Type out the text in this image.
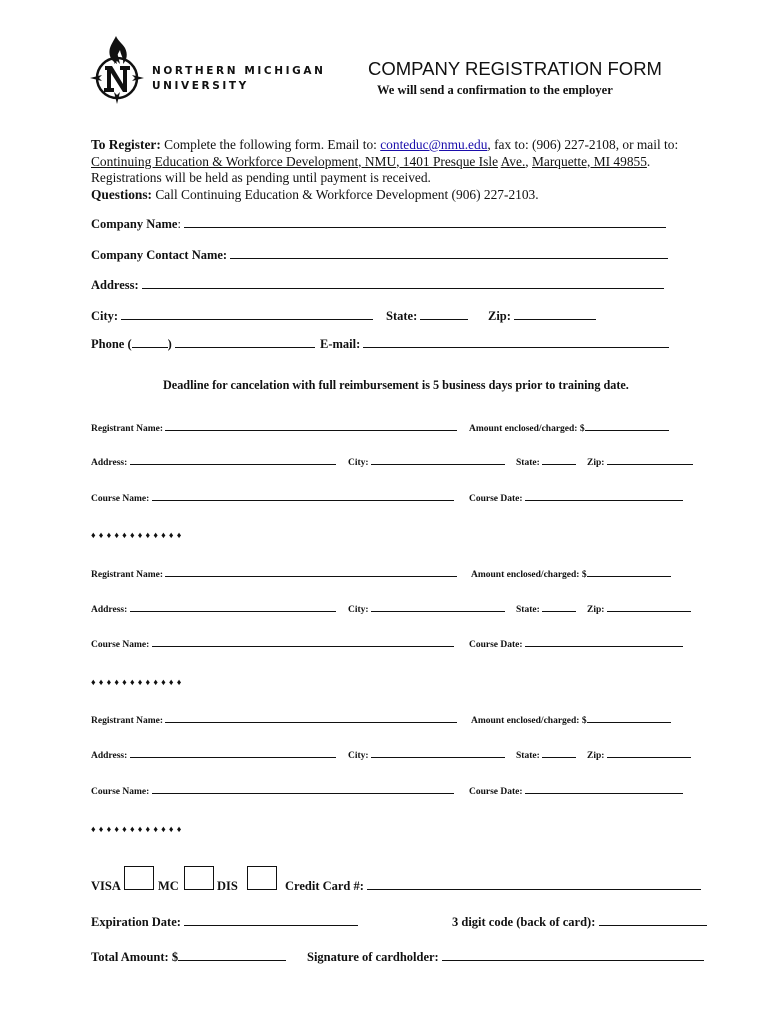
NORTHERN MICHIGAN
UNIVERSITY
COMPANY REGISTRATION FORM
We will send a confirmation to the employer
To Register: Complete the following form. Email to: conteduc@nmu.edu, fax to: (906) 227-2108, or mail to: Continuing Education & Workforce Development, NMU, 1401 Presque Isle Ave., Marquette, MI 49855. Registrations will be held as pending until payment is received.
Questions: Call Continuing Education & Workforce Development (906) 227-2103.
Company Name:
Company Contact Name:
Address:
City:	State:	Zip:
Phone (	)	E-mail:
Deadline for cancelation with full reimbursement is 5 business days prior to training date.
Registrant Name:	Amount enclosed/charged: $
Address:	City:	State:	Zip:
Course Name:	Course Date:
♦♦♦♦♦♦♦♦♦♦♦♦
Registrant Name:	Amount enclosed/charged: $
Address:	City:	State:	Zip:
Course Name:	Course Date:
♦♦♦♦♦♦♦♦♦♦♦♦
Registrant Name:	Amount enclosed/charged: $
Address:	City:	State:	Zip:
Course Name:	Course Date:
♦♦♦♦♦♦♦♦♦♦♦♦
VISA	MC	DIS	Credit Card #:
Expiration Date:	3 digit code (back of card):
Total Amount: $	Signature of cardholder:
